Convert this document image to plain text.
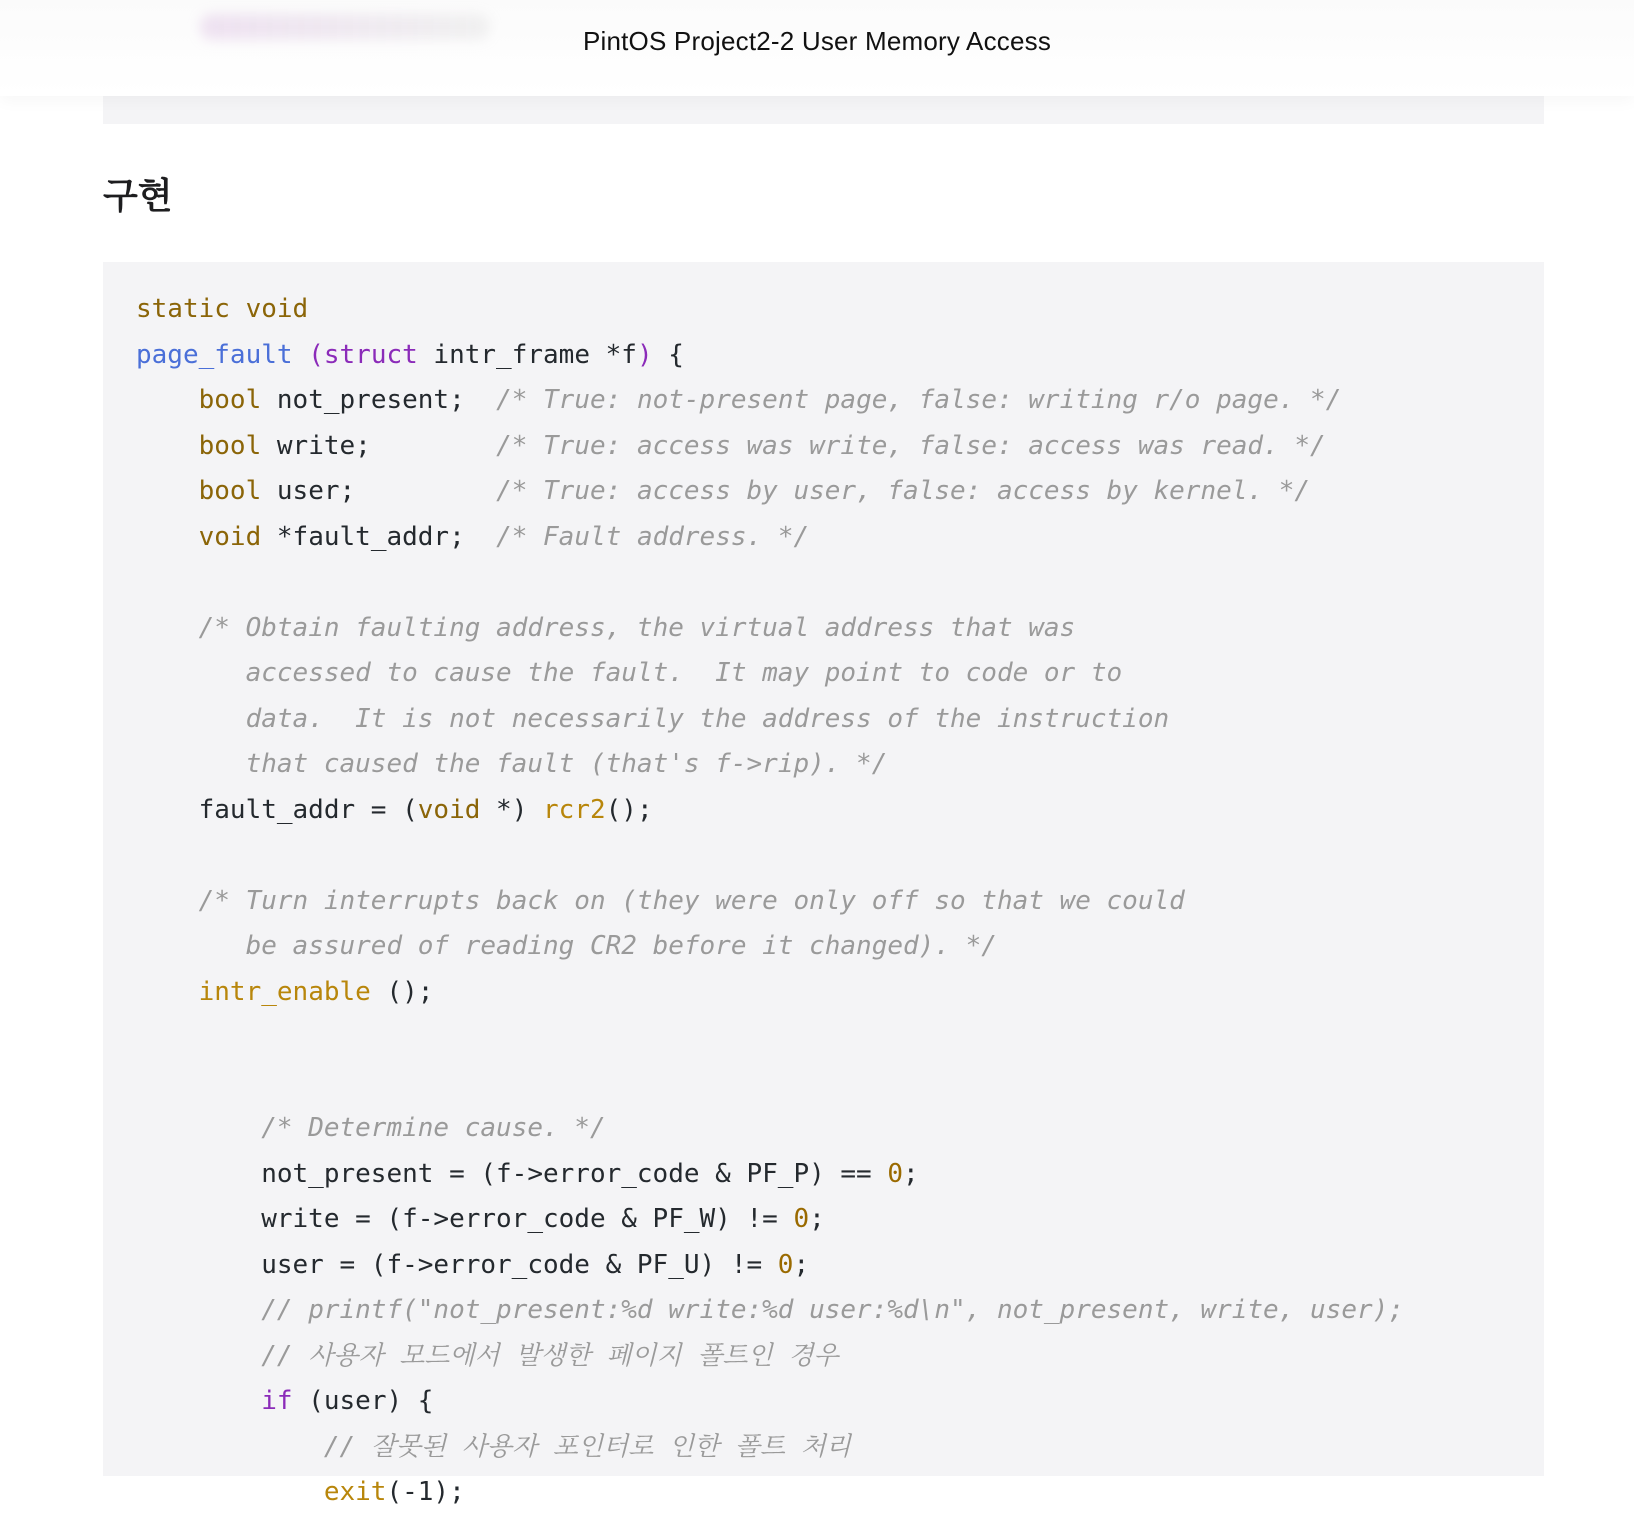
PintOS Project2-2 User Memory Access
구현
static void
page_fault (struct intr_frame *f) {
bool not_present;  /* True: not-present page, false: writing r/o page. */
bool write;        /* True: access was write, false: access was read. */
bool user;         /* True: access by user, false: access by kernel. */
void *fault_addr;  /* Fault address. */

/* Obtain faulting address, the virtual address that was
accessed to cause the fault.  It may point to code or to
data.  It is not necessarily the address of the instruction
that caused the fault (that's f->rip). */
fault_addr = (void *) rcr2();

/* Turn interrupts back on (they were only off so that we could
be assured of reading CR2 before it changed). */
intr_enable ();

/* Determine cause. */
not_present = (f->error_code & PF_P) == 0;
write = (f->error_code & PF_W) != 0;
user = (f->error_code & PF_U) != 0;
// printf("not_present:%d write:%d user:%d\n", not_present, write, user);
// 사용자 모드에서 발생한 페이지 폴트인 경우
if (user) {
// 잘못된 사용자 포인터로 인한 폴트 처리
exit(-1);
